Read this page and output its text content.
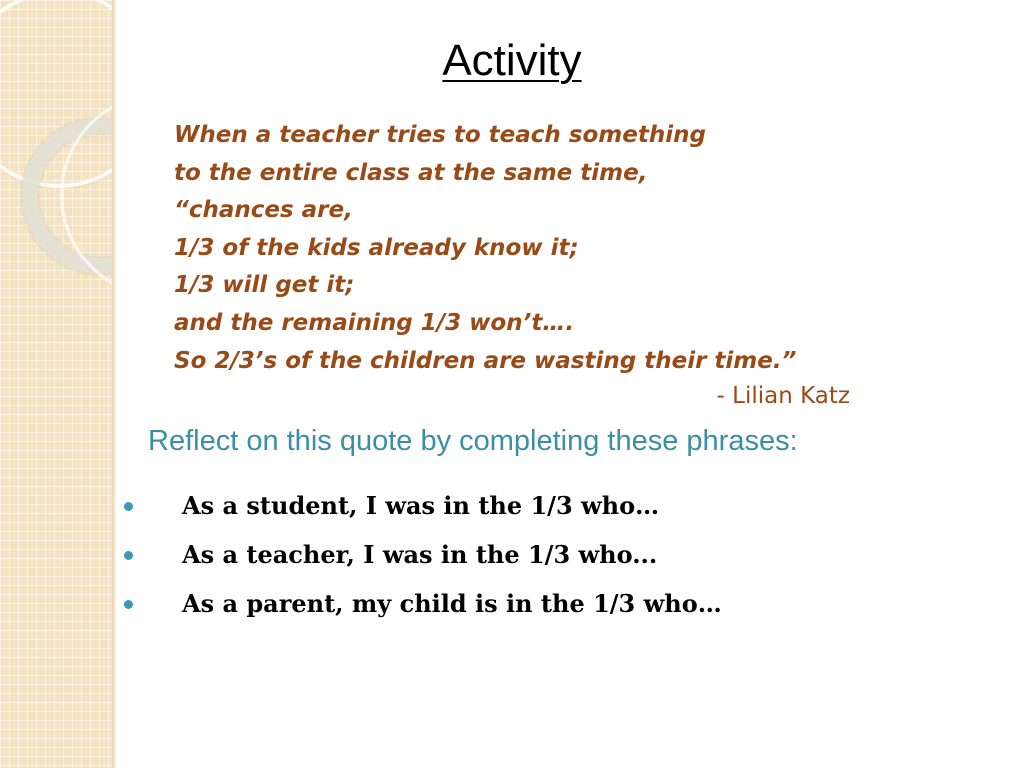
Activity
When a teacher tries to teach something
to the entire class at the same time,
“chances are,
1/3 of the kids already know it;
1/3 will get it;
and the remaining 1/3 won’t….
So 2/3’s of the children are wasting their time.”
- Lilian Katz
Reflect on this quote by completing these phrases:
As a student, I was in the 1/3 who…
As a teacher, I was in the 1/3 who...
As a parent, my child is in the 1/3 who…
